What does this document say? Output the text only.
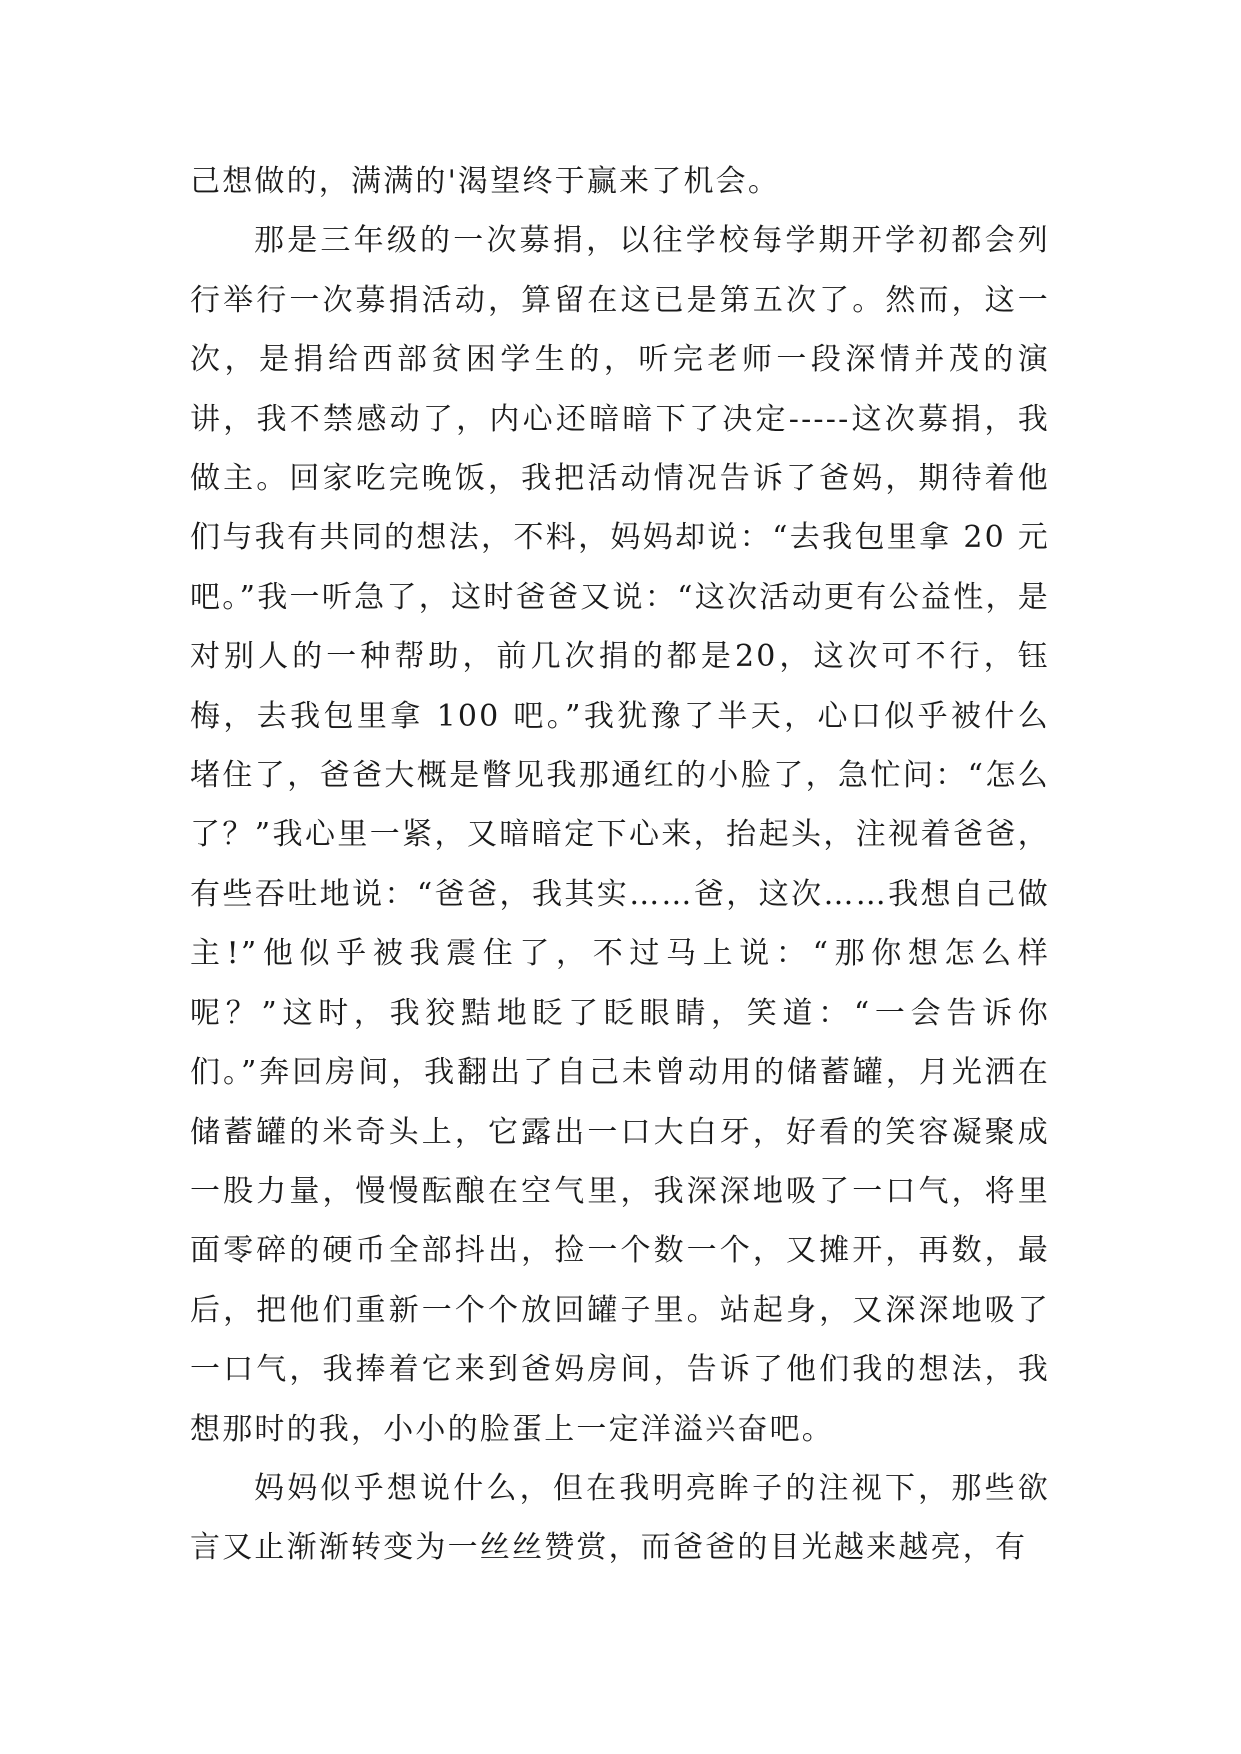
己想做的，满满的'渴望终于赢来了机会。

那是三年级的一次募捐，以往学校每学期开学初都会列行举行一次募捐活动，算留在这已是第五次了。然而，这一次，是捐给西部贫困学生的，听完老师一段深情并茂的演讲，我不禁感动了，内心还暗暗下了决定-----这次募捐，我做主。回家吃完晚饭，我把活动情况告诉了爸妈，期待着他们与我有共同的想法，不料，妈妈却说：“去我包里拿 20 元吧。”我一听急了，这时爸爸又说：“这次活动更有公益性，是对别人的一种帮助，前几次捐的都是20，这次可不行，钰梅，去我包里拿 100 吧。”我犹豫了半天，心口似乎被什么堵住了，爸爸大概是瞥见我那通红的小脸了，急忙问：“怎么了？”我心里一紧，又暗暗定下心来，抬起头，注视着爸爸，有些吞吐地说：“爸爸，我其实……爸，这次……我想自己做主!”他似乎被我震住了，不过马上说：“那你想怎么样呢？”这时，我狡黠地眨了眨眼睛，笑道：“一会告诉你们。”奔回房间，我翻出了自己未曾动用的储蓄罐，月光洒在储蓄罐的米奇头上，它露出一口大白牙，好看的笑容凝聚成一股力量，慢慢酝酿在空气里，我深深地吸了一口气，将里面零碎的硬币全部抖出，捡一个数一个，又摊开，再数，最后，把他们重新一个个放回罐子里。站起身，又深深地吸了一口气，我捧着它来到爸妈房间，告诉了他们我的想法，我想那时的我，小小的脸蛋上一定洋溢兴奋吧。

妈妈似乎想说什么，但在我明亮眸子的注视下，那些欲言又止渐渐转变为一丝丝赞赏，而爸爸的目光越来越亮，有
